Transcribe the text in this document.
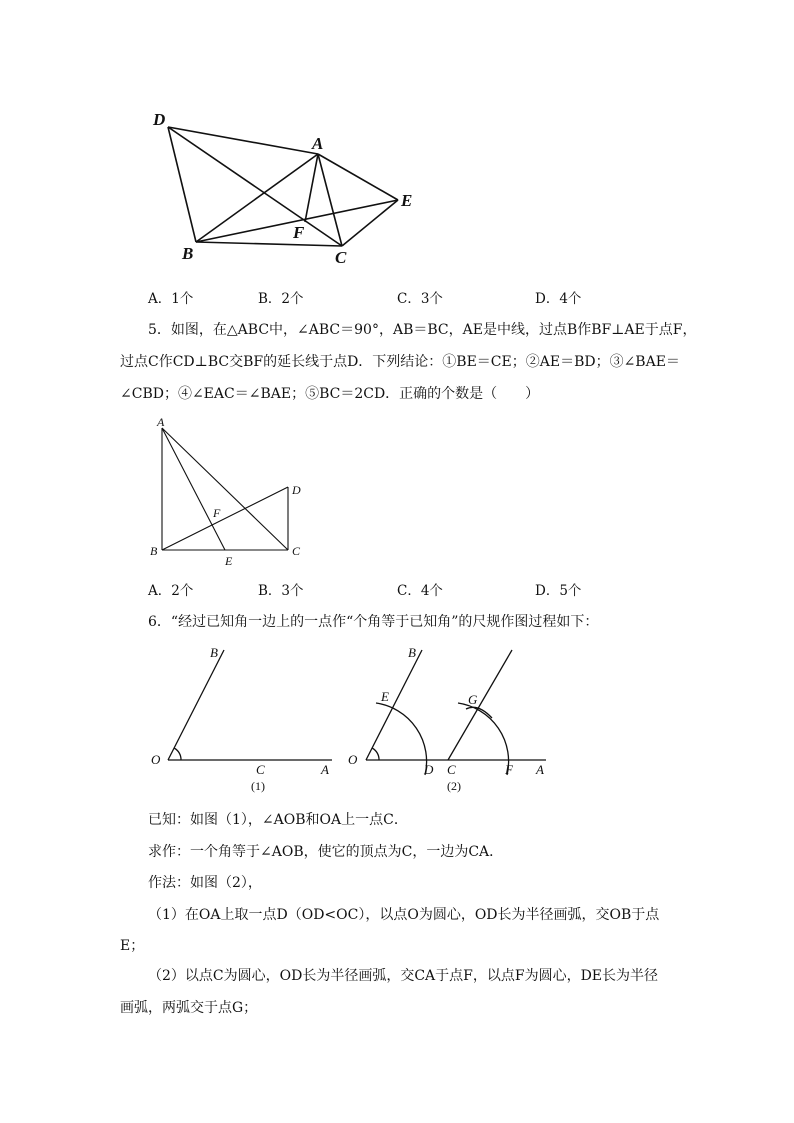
D
A
E
F
B	C
A．1个	B．2个	C．3个	D．4个
5．如图，在△ABC中，∠ABC＝90°，AB＝BC，AE是中线，过点B作BF⊥AE于点F，
过点C作CD⊥BC交BF的延长线于点D．下列结论：①BE＝CE；②AE＝BD；③∠BAE＝
∠CBD；④∠EAC＝∠BAE；⑤BC＝2CD．正确的个数是（　　）
A
D
F
B
E
C
A．2个	B．3个	C．4个	D．5个
6．“经过已知角一边上的一点作“个角等于已知角”的尺规作图过程如下：
B
O
C	A
(1)
B
E	G
O
D C	F A
(2)
已知：如图（1），∠AOB和OA上一点C．
求作：一个角等于∠AOB，使它的顶点为C，一边为CA．
作法：如图（2），
（1）在OA上取一点D（OD<OC），以点O为圆心，OD长为半径画弧，交OB于点
E；
（2）以点C为圆心，OD长为半径画弧，交CA于点F，以点F为圆心，DE长为半径
画弧，两弧交于点G；
